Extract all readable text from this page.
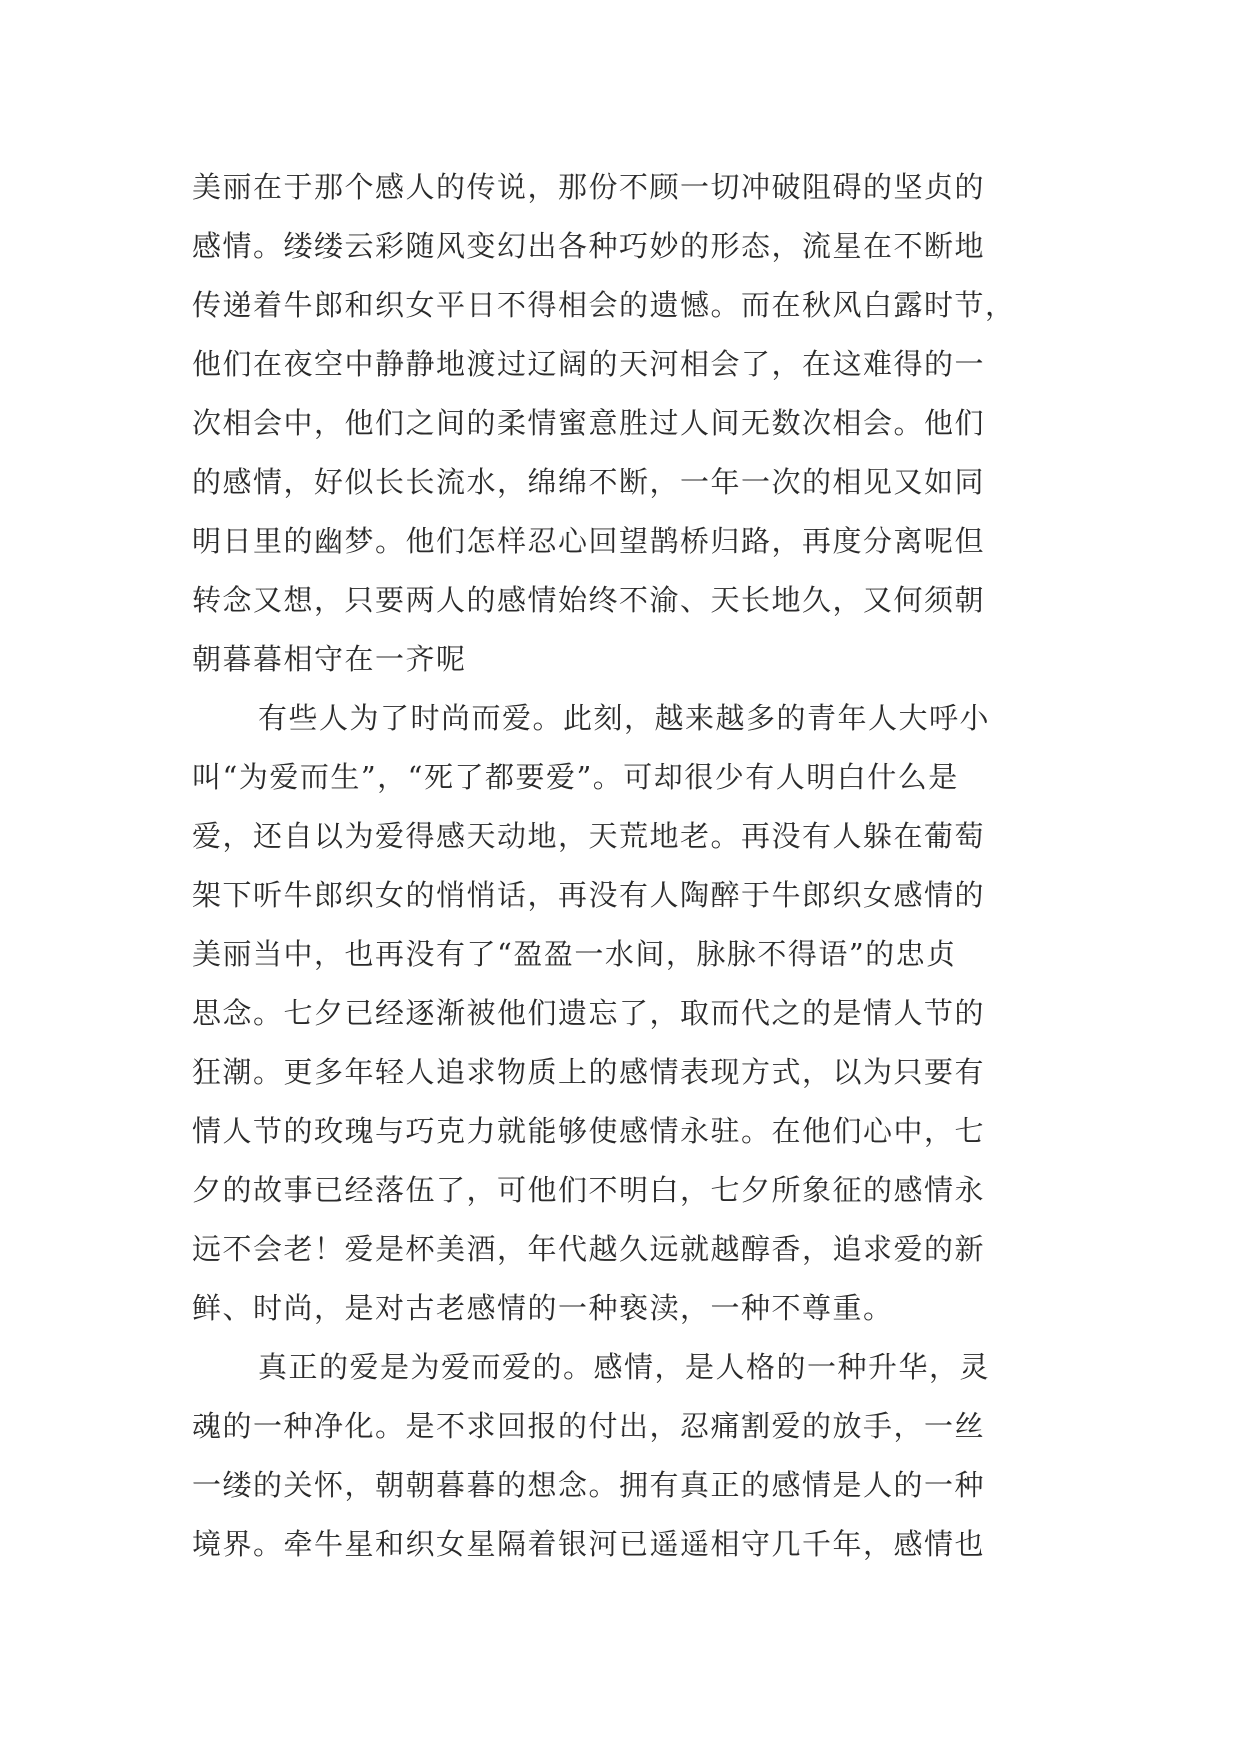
美丽在于那个感人的传说，那份不顾一切冲破阻碍的坚贞的
感情。缕缕云彩随风变幻出各种巧妙的形态，流星在不断地
传递着牛郎和织女平日不得相会的遗憾。而在秋风白露时节，
他们在夜空中静静地渡过辽阔的天河相会了，在这难得的一
次相会中，他们之间的柔情蜜意胜过人间无数次相会。他们
的感情，好似长长流水，绵绵不断，一年一次的相见又如同
明日里的幽梦。他们怎样忍心回望鹊桥归路，再度分离呢但
转念又想，只要两人的感情始终不渝、天长地久，又何须朝
朝暮暮相守在一齐呢
有些人为了时尚而爱。此刻，越来越多的青年人大呼小
叫“为爱而生”，“死了都要爱”。可却很少有人明白什么是
爱，还自以为爱得感天动地，天荒地老。再没有人躲在葡萄
架下听牛郎织女的悄悄话，再没有人陶醉于牛郎织女感情的
美丽当中，也再没有了“盈盈一水间，脉脉不得语”的忠贞
思念。七夕已经逐渐被他们遗忘了，取而代之的是情人节的
狂潮。更多年轻人追求物质上的感情表现方式，以为只要有
情人节的玫瑰与巧克力就能够使感情永驻。在他们心中，七
夕的故事已经落伍了，可他们不明白，七夕所象征的感情永
远不会老！爱是杯美酒，年代越久远就越醇香，追求爱的新
鲜、时尚，是对古老感情的一种亵渎，一种不尊重。
真正的爱是为爱而爱的。感情，是人格的一种升华，灵
魂的一种净化。是不求回报的付出，忍痛割爱的放手，一丝
一缕的关怀，朝朝暮暮的想念。拥有真正的感情是人的一种
境界。牵牛星和织女星隔着银河已遥遥相守几千年，感情也
